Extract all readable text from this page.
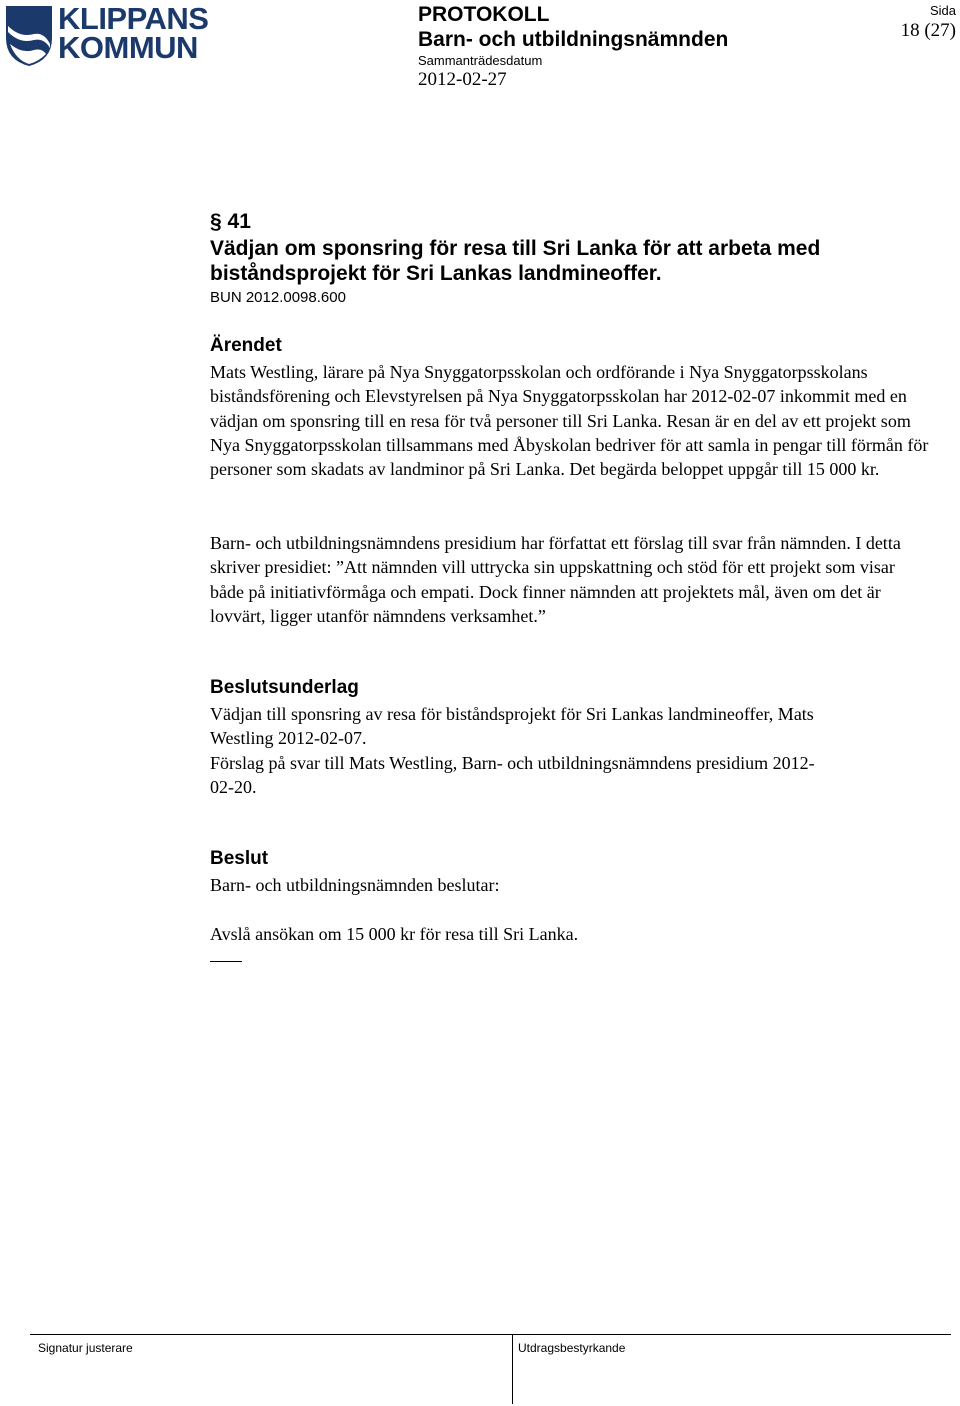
KLIPPANS
KOMMUN
PROTOKOLL
Barn- och utbildningsnämnden
Sammanträdesdatum
2012-02-27
Sida
18 (27)
§ 41
Vädjan om sponsring för resa till Sri Lanka för att arbeta med
biståndsprojekt för Sri Lankas landmineoffer.
BUN 2012.0098.600
Ärendet
Mats Westling, lärare på Nya Snyggatorpsskolan och ordförande i Nya Snyggatorpsskolans biståndsförening och Elevstyrelsen på Nya Snyggatorpsskolan har 2012-02-07 inkommit med en vädjan om sponsring till en resa för två personer till Sri Lanka. Resan är en del av ett projekt som Nya Snyggatorpsskolan tillsammans med Åbyskolan bedriver för att samla in pengar till förmån för personer som skadats av landminor på Sri Lanka. Det begärda beloppet uppgår till 15 000 kr.
Barn- och utbildningsnämndens presidium har författat ett förslag till svar från nämnden. I detta skriver presidiet: ”Att nämnden vill uttrycka sin uppskattning och stöd för ett projekt som visar både på initiativförmåga och empati. Dock finner nämnden att projektets mål, även om det är lovvärt, ligger utanför nämndens verksamhet.”
Beslutsunderlag
Vädjan till sponsring av resa för biståndsprojekt för Sri Lankas landmineoffer, Mats
Westling 2012-02-07.
Förslag på svar till Mats Westling, Barn- och utbildningsnämndens presidium 2012-
02-20.
Beslut
Barn- och utbildningsnämnden beslutar:
Avslå ansökan om 15 000 kr för resa till Sri Lanka.
Signatur justerare	Utdragsbestyrkande
